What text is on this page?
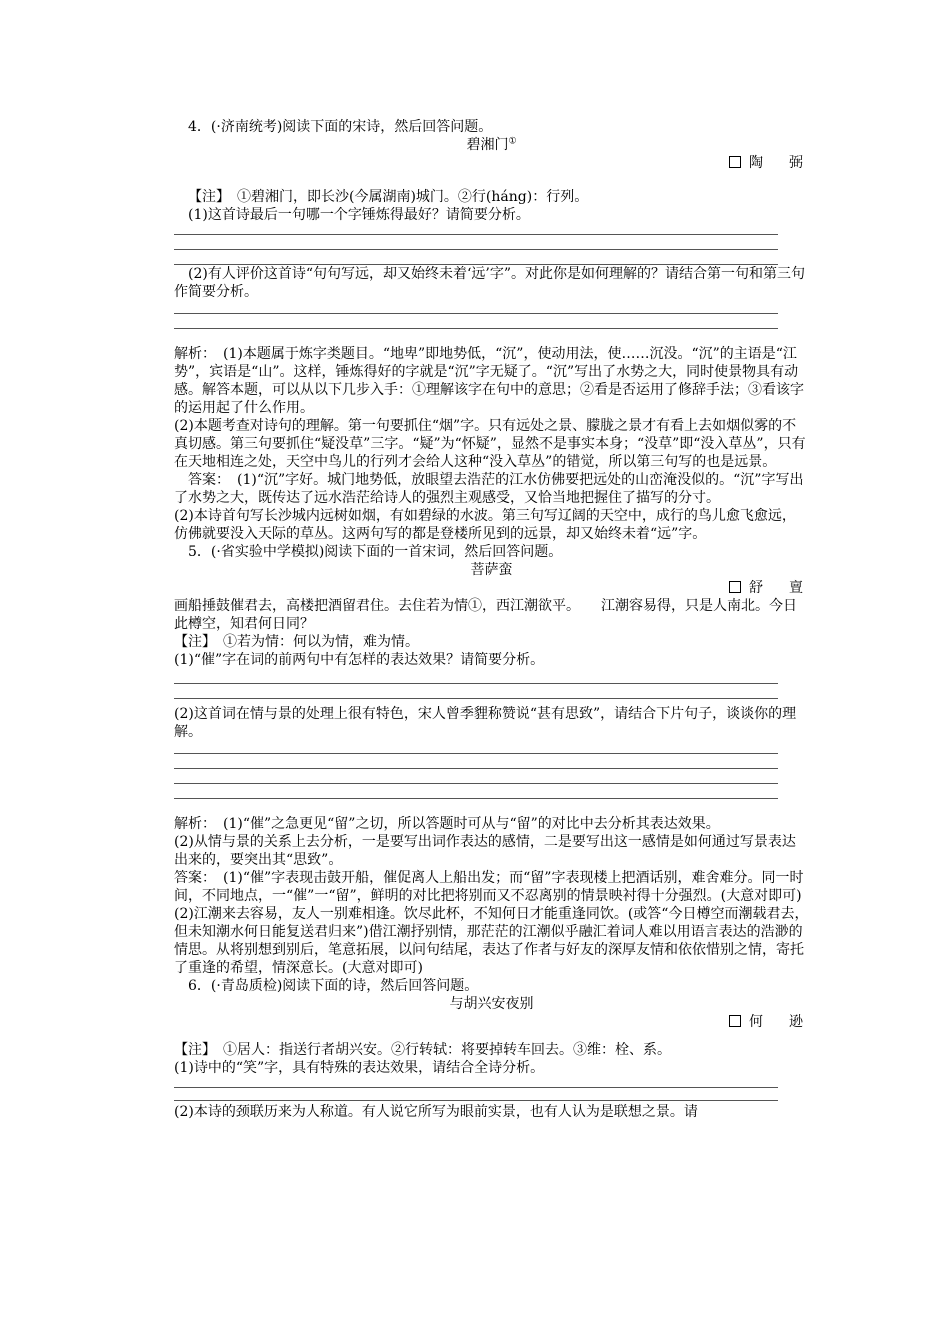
4．(·济南统考)阅读下面的宋诗，然后回答问题。

碧湘门①

陶　弼

【注】　①碧湘门，即长沙(今属湖南)城门。②行(háng)：行列。

(1)这首诗最后一句哪一个字锤炼得最好？请简要分析。

(2)有人评价这首诗“句句写远，却又始终未着‘远’字”。对此你是如何理解的？请结合第一句和第三句作简要分析。

解析：　(1)本题属于炼字类题目。“地卑”即地势低，“沉”，使动用法，使……沉没。“沉”的主语是“江势”，宾语是“山”。这样，锤炼得好的字就是“沉”字无疑了。“沉”写出了水势之大，同时使景物具有动感。解答本题，可以从以下几步入手：①理解该字在句中的意思；②看是否运用了修辞手法；③看该字的运用起了什么作用。

(2)本题考查对诗句的理解。第一句要抓住“烟”字。只有远处之景、朦胧之景才有看上去如烟似雾的不真切感。第三句要抓住“疑没草”三字。“疑”为“怀疑”，显然不是事实本身；“没草”即“没入草丛”，只有在天地相连之处，天空中鸟儿的行列才会给人这种“没入草丛”的错觉，所以第三句写的也是远景。

答案：　(1)“沉”字好。城门地势低，放眼望去浩茫的江水仿佛要把远处的山峦淹没似的。“沉”字写出了水势之大，既传达了远水浩茫给诗人的强烈主观感受，又恰当地把握住了描写的分寸。

(2)本诗首句写长沙城内远树如烟，有如碧绿的水波。第三句写辽阔的天空中，成行的鸟儿愈飞愈远，仿佛就要没入天际的草丛。这两句写的都是登楼所见到的远景，却又始终未着“远”字。

5．(·省实验中学模拟)阅读下面的一首宋词，然后回答问题。

菩萨蛮

舒　亶

画船捶鼓催君去，高楼把酒留君住。去住若为情①，西江潮欲平。　　江潮容易得，只是人南北。今日此樽空，知君何日同？

【注】　①若为情：何以为情，难为情。

(1)“催”字在词的前两句中有怎样的表达效果？请简要分析。

(2)这首词在情与景的处理上很有特色，宋人曾季貍称赞说“甚有思致”，请结合下片句子，谈谈你的理解。

解析：　(1)“催”之急更见“留”之切，所以答题时可从与“留”的对比中去分析其表达效果。

(2)从情与景的关系上去分析，一是要写出词作表达的感情，二是要写出这一感情是如何通过写景表达出来的，要突出其“思致”。

答案：　(1)“催”字表现击鼓开船，催促离人上船出发；而“留”字表现楼上把酒话别，难舍难分。同一时间，不同地点，一“催”一“留”，鲜明的对比把将别而又不忍离别的情景映衬得十分强烈。(大意对即可)

(2)江潮来去容易，友人一别难相逢。饮尽此杯，不知何日才能重逢同饮。(或答“今日樽空而潮载君去，但未知潮水何日能复送君归来”)借江潮抒别情，那茫茫的江潮似乎融汇着词人难以用语言表达的浩渺的情思。从将别想到别后，笔意拓展，以问句结尾，表达了作者与好友的深厚友情和依依惜别之情，寄托了重逢的希望，情深意长。(大意对即可)

6．(·青岛质检)阅读下面的诗，然后回答问题。

与胡兴安夜别

何　逊

【注】　①居人：指送行者胡兴安。②行转轼：将要掉转车回去。③维：栓、系。

(1)诗中的“笑”字，具有特殊的表达效果，请结合全诗分析。

(2)本诗的颈联历来为人称道。有人说它所写为眼前实景，也有人认为是联想之景。请
